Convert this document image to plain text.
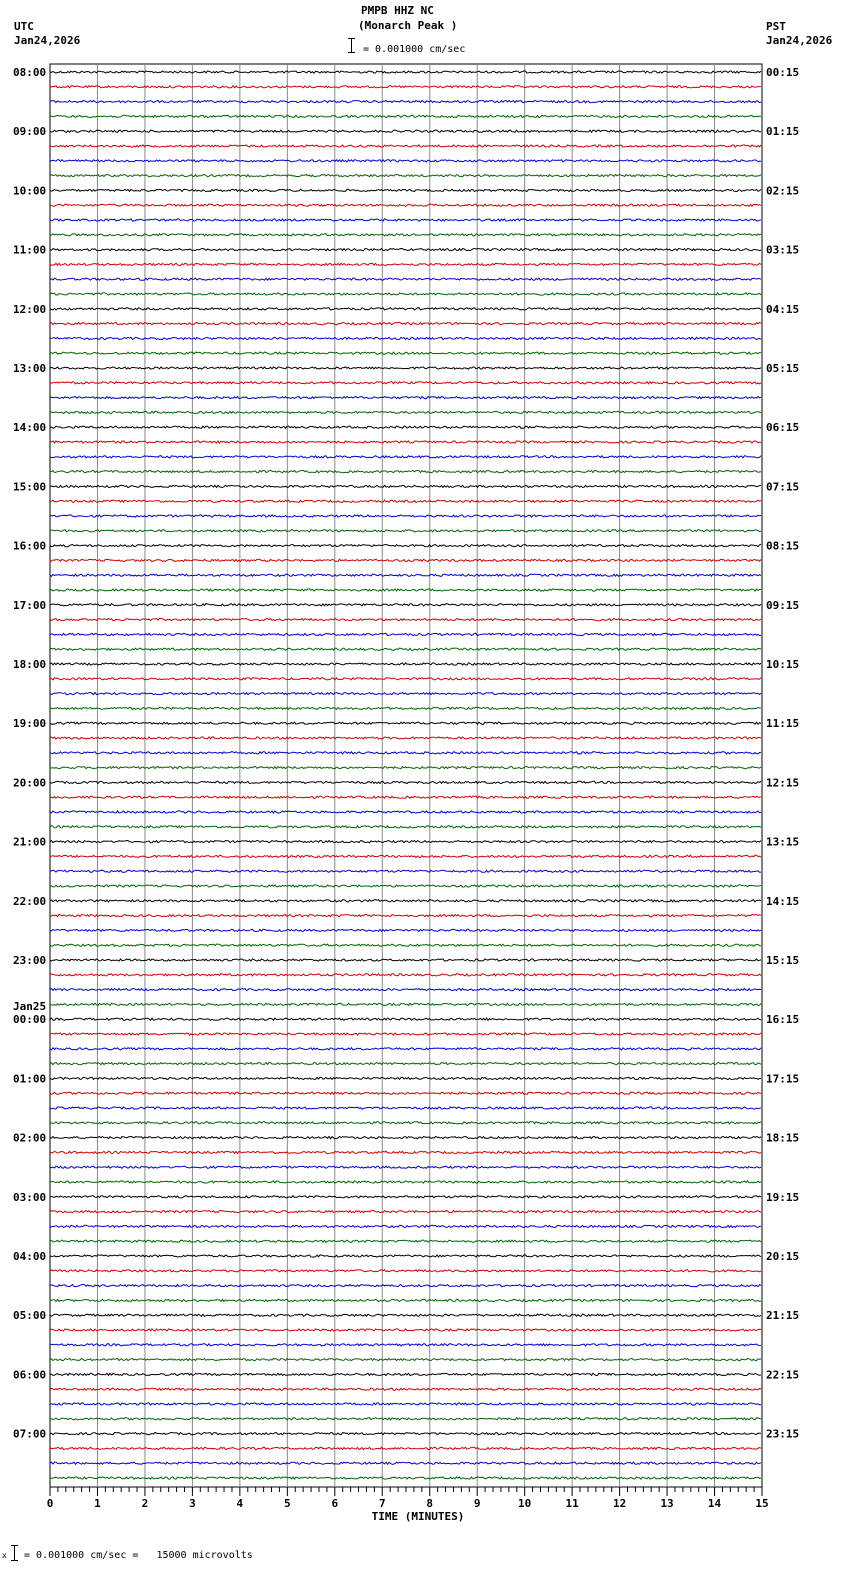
PMPB HHZ NC
(Monarch Peak )
= 0.001000 cm/sec
UTC
Jan24,2026
PST
Jan24,2026
08:00	00:15
09:00	01:15
10:00	02:15
11:00	03:15
12:00	04:15
13:00	05:15
14:00	06:15
15:00	07:15
16:00	08:15
17:00	09:15
18:00	10:15
19:00	11:15
20:00	12:15
21:00	13:15
22:00	14:15
23:00	15:15
00:00	16:15
01:00	17:15
02:00	18:15
03:00	19:15
04:00	20:15
05:00	21:15
06:00	22:15
07:00	23:15
Jan25
0	1	2	3	4	5	6	7	8	9	10	11	12	13	14	15
TIME (MINUTES)
x = 0.001000 cm/sec =   15000 microvolts
